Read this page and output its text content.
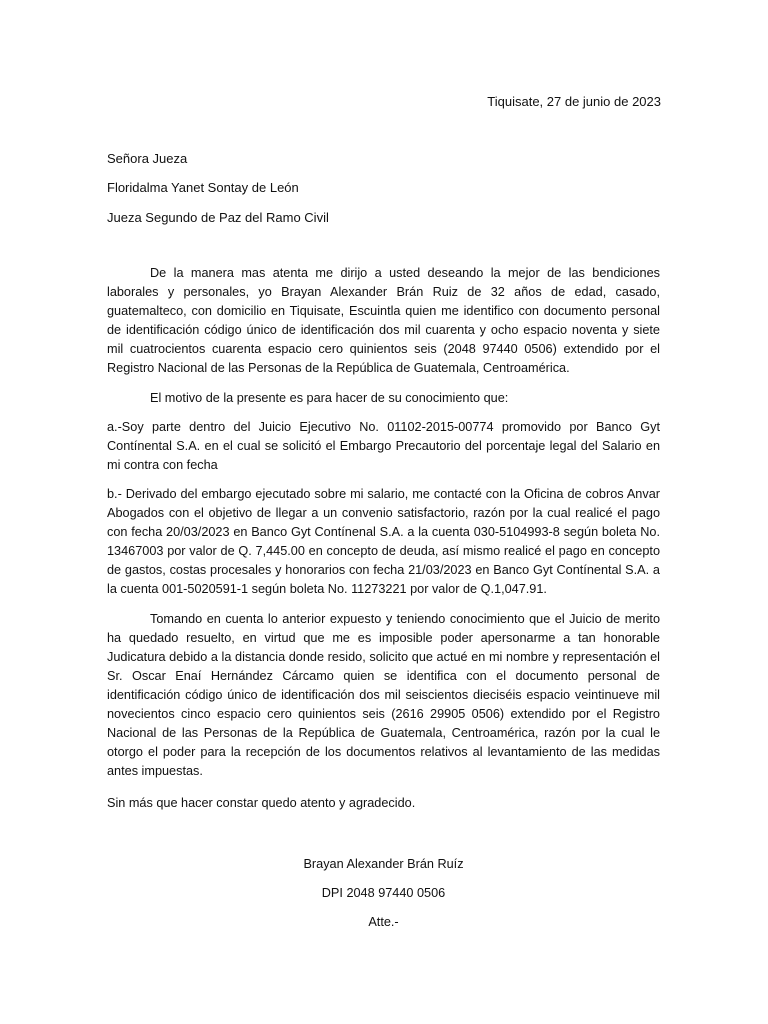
Tiquisate, 27 de junio de 2023
Señora Jueza
Floridalma Yanet Sontay de León
Jueza Segundo de Paz del Ramo Civil

De la manera mas atenta me dirijo a usted deseando la mejor de las bendiciones laborales y personales, yo Brayan Alexander Brán Ruiz de 32 años de edad, casado, guatemalteco, con domicilio en Tiquisate, Escuintla quien me identifico con documento personal de identificación código único de identificación dos mil cuarenta y ocho espacio noventa y siete mil cuatrocientos cuarenta espacio cero quinientos seis (2048 97440 0506) extendido por el Registro Nacional de las Personas de la República de Guatemala, Centroamérica.

El motivo de la presente es para hacer de su conocimiento que:

a.-Soy parte dentro del Juicio Ejecutivo No. 01102-2015-00774 promovido por Banco Gyt Contínental S.A. en el cual se solicitó el Embargo Precautorio del porcentaje legal del Salario en mi contra con fecha

b.- Derivado del embargo ejecutado sobre mi salario, me contacté con la Oficina de cobros Anvar Abogados con el objetivo de llegar a un convenio satisfactorio, razón por la cual realicé el pago con fecha 20/03/2023 en Banco Gyt Contínenal S.A. a la cuenta 030-5104993-8 según boleta No. 13467003 por valor de Q. 7,445.00 en concepto de deuda, así mismo realicé el pago en concepto de gastos, costas procesales y honorarios con fecha 21/03/2023 en Banco Gyt Contínental S.A. a la cuenta 001-5020591-1 según boleta No. 11273221 por valor de Q.1,047.91.

Tomando en cuenta lo anterior expuesto y teniendo conocimiento que el Juicio de merito ha quedado resuelto, en virtud que me es imposible poder apersonarme a tan honorable Judicatura debido a la distancia donde resido, solicito que actué en mi nombre y representación el Sr. Oscar Enaí Hernández Cárcamo quien se identifica con el documento personal de identificación código único de identificación dos mil seiscientos dieciséis espacio veintinueve mil novecientos cinco espacio cero quinientos seis (2616 29905 0506) extendido por el Registro Nacional de las Personas de la República de Guatemala, Centroamérica, razón por la cual le otorgo el poder para la recepción de los documentos relativos al levantamiento de las medidas antes impuestas.

Sin más que hacer constar quedo atento y agradecido.
Brayan Alexander Brán Ruíz
DPI 2048 97440 0506
Atte.-
